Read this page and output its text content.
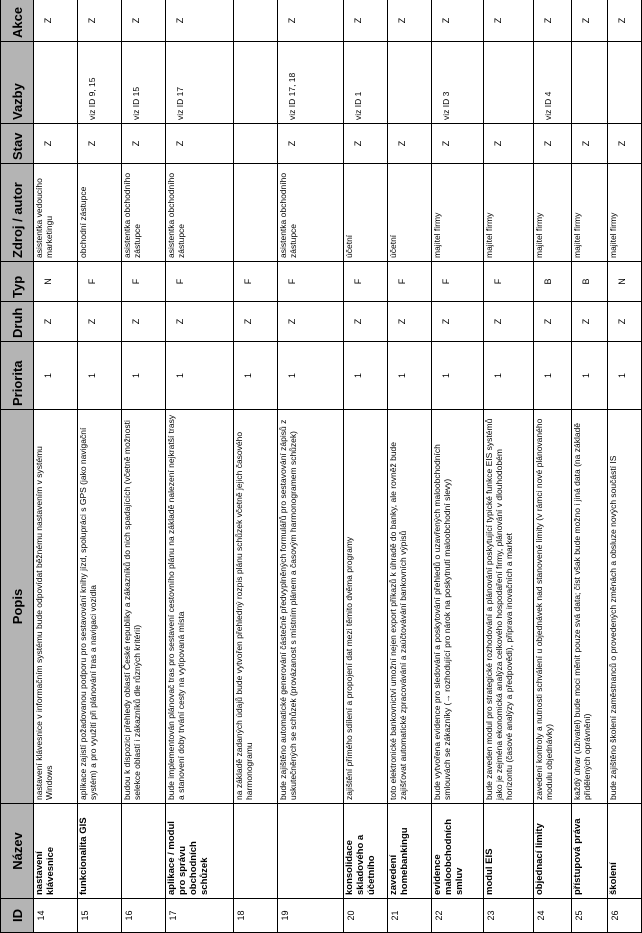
ID	Název	Popis	Priorita	Druh	Typ	Zdroj / autor	Stav	Vazby	Akce
14	nastavení klávesnice	nastavení klávesnice v informačním systému bude odpovídat běžnému nastavením v systému Windows	1	Z	N	asistentka vedoucího marketingu	Z		Z
15	funkcionalita GIS	aplikace zajistí požadovanou podporu pro sestavování knihy jízd, spolupráci s GPS (jako navigační systém) a pro využití při plánování tras a navigaci vozidla	1	Z	F	obchodní zástupce	Z	viz ID 9, 15	Z
16		budou k dispozici přehledy oblastí České republiky a zákazníků do nich spadajících (včetně možnosti selekce oblastí i zákazníků dle různých kritérií)	1	Z	F	asistentka obchodního zástupce	Z	viz ID 15	Z
17	aplikace / modul pro správu obchodních schůzek	bude implementován plánovač tras pro sestavení cestovního plánu na základě nalezení nejkratší trasy a stanovení doby trvání cesty na vytipovaná místa	1	Z	F	asistentka obchodního zástupce	Z	viz ID 17	Z
18		na základě zadaných údajů bude vytvořen přehledný rozpis plánu schůzek včetně jejich časového harmonogramu	1	Z	F				
19		bude zajištěno automatické generování částečně předvyplněných formulářů pro sestavování zápisů z uskutečněných se schůzek (provázanost s místním plánem a časovým harmonogramem schůzek)	1	Z	F	asistentka obchodního zástupce	Z	viz ID 17, 18	Z
20	konsolidace skladového a účetního	zajištění přímého sdílení a propojení dat mezi těmito dvěma programy	1	Z	F	účetní	Z	viz ID 1	Z
21	zavedení homebankingu	toto elektronické bankovnictví umožní nejen export příkazů k úhradě do banky, ale rovněž bude zajišťovat automatické zpracovávání a zaúčtovávání bankovních výpisů	1	Z	F	účetní	Z		Z
22	evidence maloobchodních smluv	bude vytvořena evidence pro sledování a poskytování přehledů o uzavřených maloobchodních smlouvách se zákazníky (→ rozhodující pro nárok na poskytnutí maloobchodní slevy)	1	Z	F	majitel firmy	Z	viz ID 3	Z
23	modul EIS	bude zaveden modul pro strategické rozhodování a plánování poskytující typické funkce EIS systémů jako je zejména ekonomická analýza celkového hospodaření firmy, plánování v dlouhodobém horizontu (časové analýzy a předpovědi), příprava inovačních a market	1	Z	F	majitel firmy	Z		Z
24	objednací limity	zavedení kontroly a nutnosti schválení u objednávek nad stanovené limity (v rámci nové plánovaného modulu objednávky)	1	Z	B	majitel firmy	Z	viz ID 4	Z
25	přístupová práva	každý útvar (uživatel) bude moci měnit pouze svá data; číst však bude možno i jiná data (na základě přidělených oprávnění)	1	Z	B	majitel firmy	Z		Z
26	školení	bude zajištěno školení zaměstnanců o provedených změnách a obsluze nových součástí IS	1	Z	N	majitel firmy	Z		Z
